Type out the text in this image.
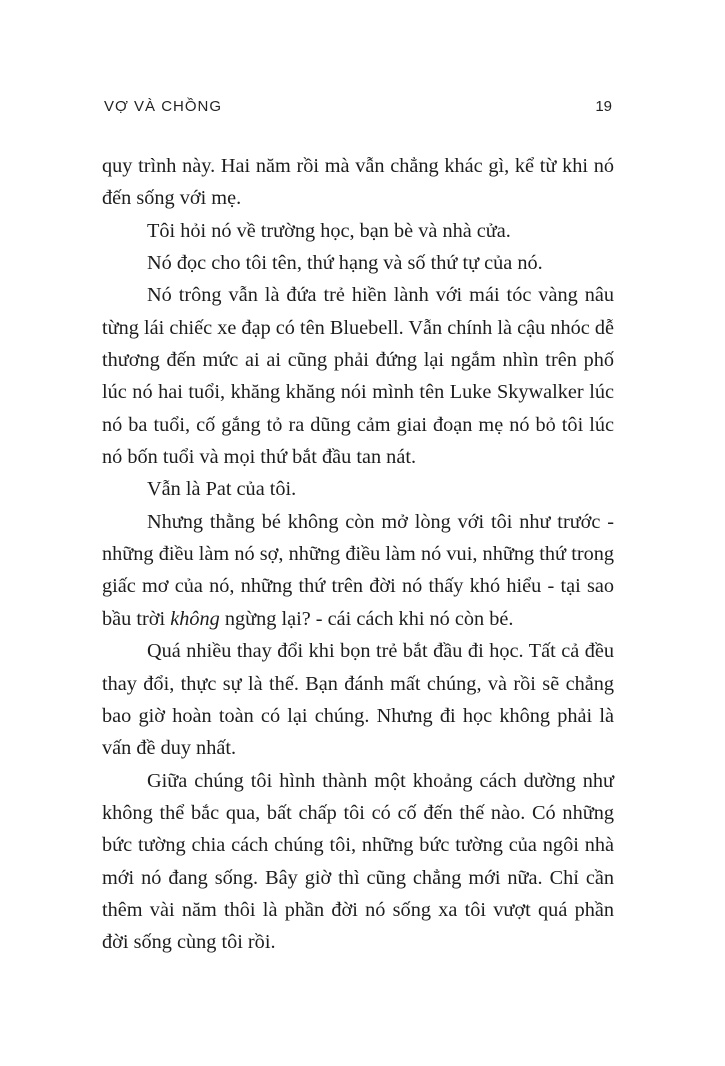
VỢ VÀ CHỒNG	19

quy trình này. Hai năm rồi mà vẫn chẳng khác gì, kể từ khi nó đến sống với mẹ.

Tôi hỏi nó về trường học, bạn bè và nhà cửa.

Nó đọc cho tôi tên, thứ hạng và số thứ tự của nó.

Nó trông vẫn là đứa trẻ hiền lành với mái tóc vàng nâu từng lái chiếc xe đạp có tên Bluebell. Vẫn chính là cậu nhóc dễ thương đến mức ai ai cũng phải đứng lại ngắm nhìn trên phố lúc nó hai tuổi, khăng khăng nói mình tên Luke Skywalker lúc nó ba tuổi, cố gắng tỏ ra dũng cảm giai đoạn mẹ nó bỏ tôi lúc nó bốn tuổi và mọi thứ bắt đầu tan nát.

Vẫn là Pat của tôi.

Nhưng thằng bé không còn mở lòng với tôi như trước - những điều làm nó sợ, những điều làm nó vui, những thứ trong giấc mơ của nó, những thứ trên đời nó thấy khó hiểu - tại sao bầu trời không ngừng lại? - cái cách khi nó còn bé.

Quá nhiều thay đổi khi bọn trẻ bắt đầu đi học. Tất cả đều thay đổi, thực sự là thế. Bạn đánh mất chúng, và rồi sẽ chẳng bao giờ hoàn toàn có lại chúng. Nhưng đi học không phải là vấn đề duy nhất.

Giữa chúng tôi hình thành một khoảng cách dường như không thể bắc qua, bất chấp tôi có cố đến thế nào. Có những bức tường chia cách chúng tôi, những bức tường của ngôi nhà mới nó đang sống. Bây giờ thì cũng chẳng mới nữa. Chỉ cần thêm vài năm thôi là phần đời nó sống xa tôi vượt quá phần đời sống cùng tôi rồi.
